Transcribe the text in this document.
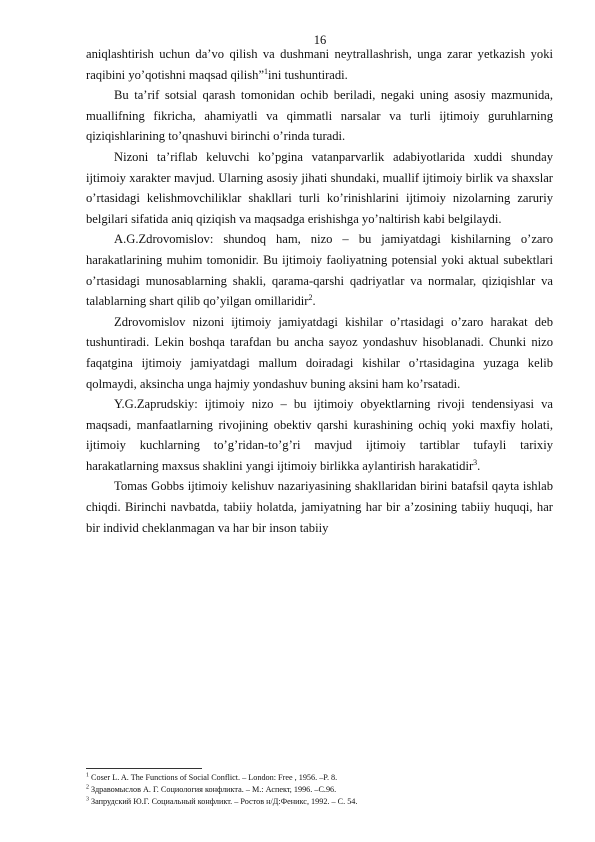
16

aniqlashtirish uchun da’vo qilish va dushmani neytrallashrish, unga zarar yetkazish yoki raqibini yo’qotishni maqsad qilish”$^1$ini tushuntiradi.

Bu ta’rif sotsial qarash tomonidan ochib beriladi, negaki uning asosiy mazmunida, muallifning fikricha, ahamiyatli va qimmatli narsalar va turli ijtimoiy guruhlarning qiziqishlarining to’qnashuvi birinchi o’rinda turadi.

Nizoni ta’riflab keluvchi ko’pgina vatanparvarlik adabiyotlarida xuddi shunday ijtimoiy xarakter mavjud. Ularning asosiy jihati shundaki, muallif ijtimoiy birlik va shaxslar o’rtasidagi kelishmovchiliklar shakllari turli ko’rinishlarini ijtimoiy nizolarning zaruriy belgilari sifatida aniq qiziqish va maqsadga erishishga yo’naltirish kabi belgilaydi.

A.G.Zdrovomislov: shundoq ham, nizo – bu jamiyatdagi kishilarning o’zaro harakatlarining muhim tomonidir. Bu ijtimoiy faoliyatning potensial yoki aktual subektlari o’rtasidagi munosablarning shakli, qarama-qarshi qadriyatlar va normalar, qiziqishlar va talablarning shart qilib qo’yilgan omillaridir$^2$.

Zdrovomislov nizoni ijtimoiy jamiyatdagi kishilar o’rtasidagi o’zaro harakat deb tushuntiradi. Lekin boshqa tarafdan bu ancha sayoz yondashuv hisoblanadi. Chunki nizo faqatgina ijtimoiy jamiyatdagi mallum doiradagi kishilar o’rtasidagina yuzaga kelib qolmaydi, aksincha unga hajmiy yondashuv buning aksini ham ko’rsatadi.

Y.G.Zaprudskiy: ijtimoiy nizo – bu ijtimoiy obyektlarning rivoji tendensiyasi va maqsadi, manfaatlarning rivojining obektiv qarshi kurashining ochiq yoki maxfiy holati, ijtimoiy kuchlarning to’g’ridan-to’g’ri mavjud ijtimoiy tartiblar tufayli tarixiy harakatlarning maxsus shaklini yangi ijtimoiy birlikka aylantirish harakatidir$^3$.

Tomas Gobbs ijtimoiy kelishuv nazariyasining shakllaridan birini batafsil qayta ishlab chiqdi. Birinchi navbatda, tabiiy holatda, jamiyatning har bir a’zosining tabiiy huquqi, har bir individ cheklanmagan va har bir inson tabiiy

$^1$ Coser L. A. The Functions of Social Conflict. – London: Free , 1956. –P. 8.
$^2$ Здравомыслов А. Г. Социология конфликта. – М.: Аспект, 1996. –С.96.
$^3$ Запрудский Ю.Г. Социальный конфликт. – Ростов н/Д:Феникс, 1992. – С. 54.
